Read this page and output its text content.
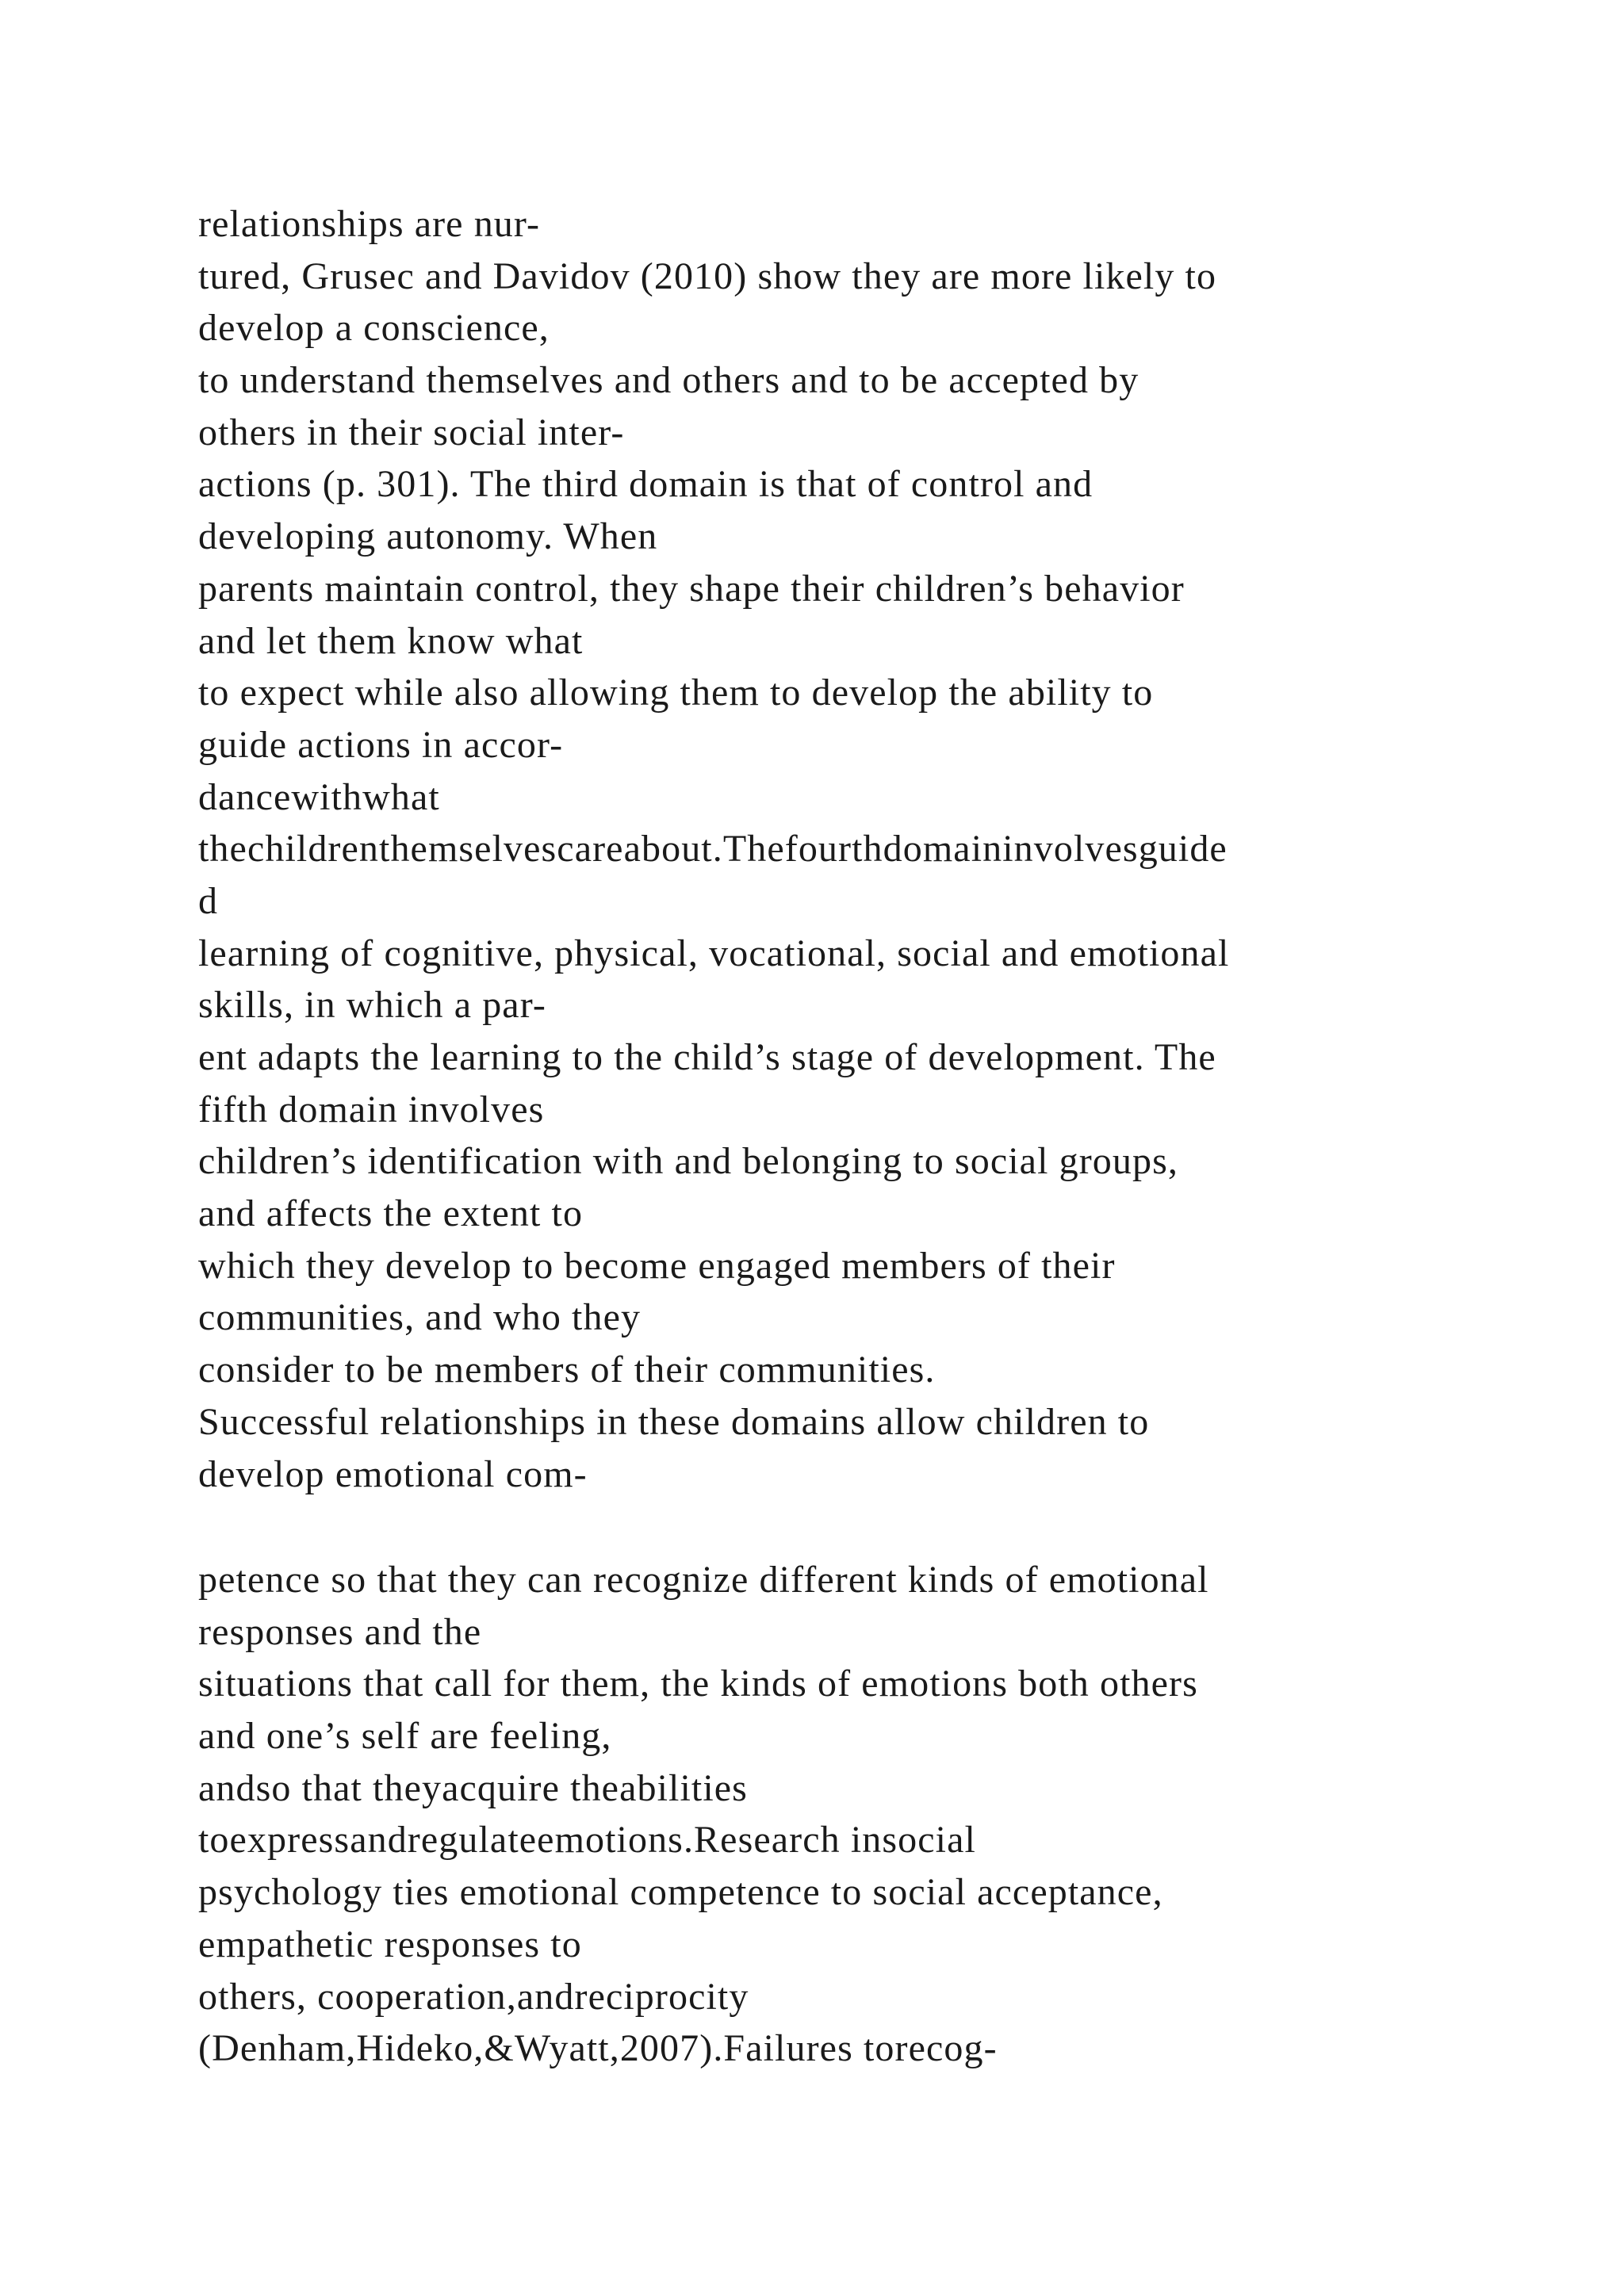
relationships are nur-
tured, Grusec and Davidov (2010) show they are more likely to
develop a conscience,
to understand themselves and others and to be accepted by
others in their social inter-
actions (p. 301). The third domain is that of control and
developing autonomy. When
parents maintain control, they shape their children’s behavior
and let them know what
to expect while also allowing them to develop the ability to
guide actions in accor-
dancewithwhat
thechildrenthemselvescareabout.Thefourthdomaininvolvesguide
d
learning of cognitive, physical, vocational, social and emotional
skills, in which a par-
ent adapts the learning to the child’s stage of development. The
fifth domain involves
children’s identification with and belonging to social groups,
and affects the extent to
which they develop to become engaged members of their
communities, and who they
consider to be members of their communities.
Successful relationships in these domains allow children to
develop emotional com-
petence so that they can recognize different kinds of emotional
responses and the
situations that call for them, the kinds of emotions both others
and one’s self are feeling,
andso that theyacquire theabilities
toexpressandregulateemotions.Research insocial
psychology ties emotional competence to social acceptance,
empathetic responses to
others, cooperation,andreciprocity
(Denham,Hideko,&Wyatt,2007).Failures torecog-
